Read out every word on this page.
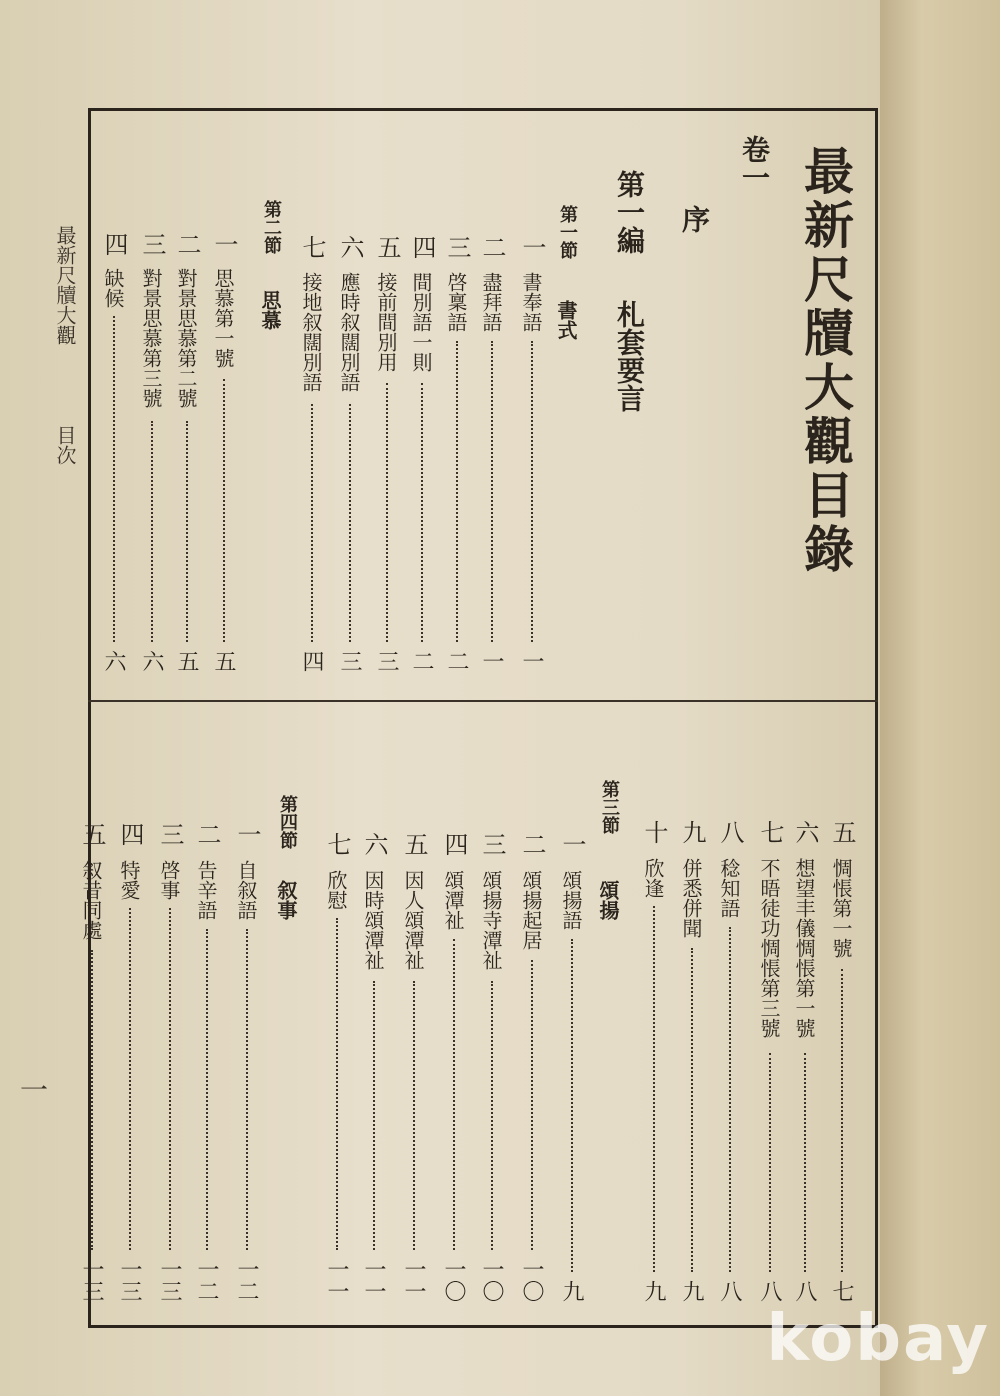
最新尺牘大觀目錄
卷一
序
第一編
札套要言
第一節
書式
第二節
思慕
第三節
頌揚
第四節
叙事
一
書奉語
一
二
盡拜語
一
三
啓稟語
二
四
間別語一則
二
五
接前間別用
三
六
應時叙闊別語
三
七
接地叙闊別語
四
一
思慕第一號
五
二
對景思慕第二號
五
三
對景思慕第三號
六
四
缺候
六
五
惆悵第一號
七
六
想望丰儀惆悵第一號
八
七
不晤徒功惆悵第三號
八
八
稔知語
八
九
併悉併聞
九
十
欣逢
九
一
頌揚語
九
二
頌揚起居
一〇
三
頌揚寺潭祉
一〇
四
頌潭祉
一〇
五
因人頌潭祉
一一
六
因時頌潭祉
一一
七
欣慰
一一
一
自叙語
一二
二
告辛語
一二
三
啓事
一三
四
特愛
一三
五
叙昔同處
一三
最新尺牘大觀
目次
一
kobay
